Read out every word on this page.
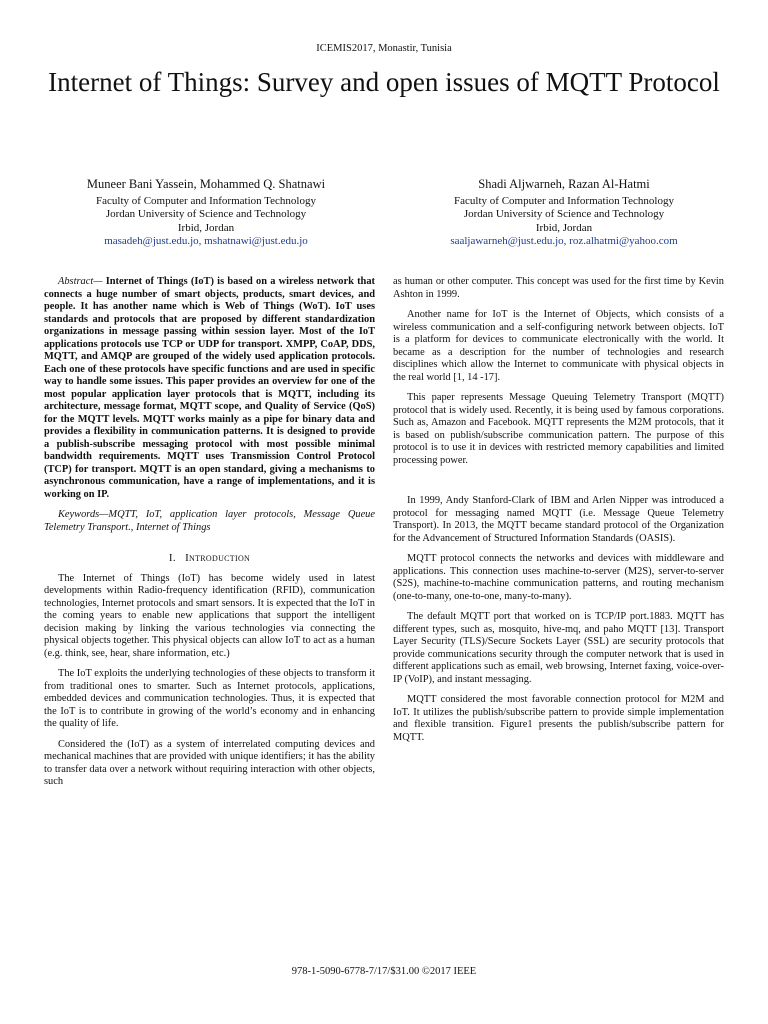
ICEMIS2017, Monastir, Tunisia
Internet of Things: Survey and open issues of MQTT Protocol
Muneer Bani Yassein, Mohammed Q. Shatnawi
Faculty of Computer and Information Technology
Jordan University of Science and Technology
Irbid, Jordan
masadeh@just.edu.jo, mshatnawi@just.edu.jo
Shadi Aljwarneh, Razan Al-Hatmi
Faculty of Computer and Information Technology
Jordan University of Science and Technology
Irbid, Jordan
saaljawarneh@just.edu.jo, roz.alhatmi@yahoo.com

Abstract— Internet of Things (IoT) is based on a wireless network that connects a huge number of smart objects, products, smart devices, and people. It has another name which is Web of Things (WoT). IoT uses standards and protocols that are proposed by different standardization organizations in message passing within session layer. Most of the IoT applications protocols use TCP or UDP for transport. XMPP, CoAP, DDS, MQTT, and AMQP are grouped of the widely used application protocols. Each one of these protocols have specific functions and are used in specific way to handle some issues. This paper provides an overview for one of the most popular application layer protocols that is MQTT, including its architecture, message format, MQTT scope, and Quality of Service (QoS) for the MQTT levels. MQTT works mainly as a pipe for binary data and provides a flexibility in communication patterns. It is designed to provide a publish-subscribe messaging protocol with most possible minimal bandwidth requirements. MQTT uses Transmission Control Protocol (TCP) for transport. MQTT is an open standard, giving a mechanisms to asynchronous communication, have a range of implementations, and it is working on IP.

Keywords—MQTT, IoT, application layer protocols, Message Queue Telemetry Transport., Internet of Things

I. Introduction

The Internet of Things (IoT) has become widely used in latest developments within Radio-frequency identification (RFID), communication technologies, Internet protocols and smart sensors. It is expected that the IoT in the coming years to enable new applications that support the intelligent decision making by linking the various technologies via connecting the physical objects together. This physical objects can allow IoT to act as a human (e.g. think, see, hear, share information, etc.)

The IoT exploits the underlying technologies of these objects to transform it from traditional ones to smarter. Such as Internet protocols, applications, embedded devices and communication technologies. Thus, it is expected that the IoT is to contribute in growing of the world’s economy and in enhancing the quality of life.

Considered the (IoT) as a system of interrelated computing devices and mechanical machines that are provided with unique identifiers; it has the ability to transfer data over a network without requiring interaction with other objects, such

as human or other computer. This concept was used for the first time by Kevin Ashton in 1999.

Another name for IoT is the Internet of Objects, which consists of a wireless communication and a self-configuring network between objects. IoT is a platform for devices to communicate electronically with the world. It became as a description for the number of technologies and research disciplines which allow the Internet to communicate with physical objects in the real world [1, 14 -17].

This paper represents Message Queuing Telemetry Transport (MQTT) protocol that is widely used. Recently, it is being used by famous corporations. Such as, Amazon and Facebook. MQTT represents the M2M protocols, that it is based on publish/subscribe communication pattern. The purpose of this protocol is to use it in devices with restricted memory capabilities and limited processing power.

In 1999, Andy Stanford-Clark of IBM and Arlen Nipper was introduced a protocol for messaging named MQTT (i.e. Message Queue Telemetry Transport). In 2013, the MQTT became standard protocol of the Organization for the Advancement of Structured Information Standards (OASIS).

MQTT protocol connects the networks and devices with middleware and applications. This connection uses machine-to-server (M2S), server-to-server (S2S), machine-to-machine communication patterns, and routing mechanism (one-to-many, one-to-one, many-to-many).

The default MQTT port that worked on is TCP/IP port.1883. MQTT has different types, such as, mosquito, hive-mq, and paho MQTT [13]. Transport Layer Security (TLS)/Secure Sockets Layer (SSL) are security protocols that provide communications security through the computer network that is used in different applications such as email, web browsing, Internet faxing, voice-over-IP (VoIP), and instant messaging.

MQTT considered the most favorable connection protocol for M2M and IoT. It utilizes the publish/subscribe pattern to provide simple implementation and flexible transition. Figure1 presents the publish/subscribe pattern for MQTT.

978-1-5090-6778-7/17/$31.00 ©2017 IEEE
